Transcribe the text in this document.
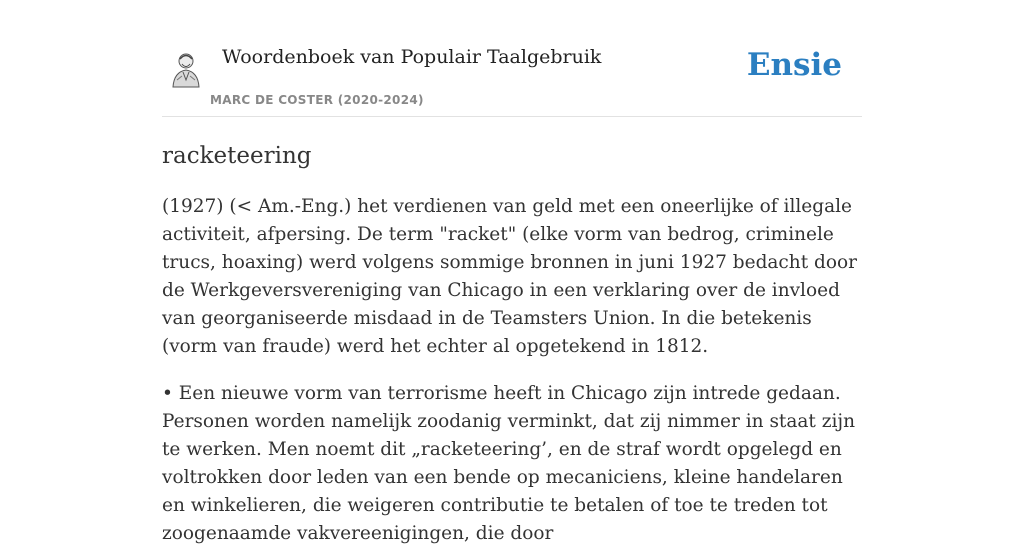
Woordenboek van Populair Taalgebruik
MARC DE COSTER (2020-2024)
Ensie
racketeering

(1927) (< Am.-Eng.) het verdienen van geld met een oneerlijke of illegale activiteit, afpersing. De term "racket" (elke vorm van bedrog, criminele trucs, hoaxing) werd volgens sommige bronnen in juni 1927 bedacht door de Werkgeversvereniging van Chicago in een verklaring over de invloed van georganiseerde misdaad in de Teamsters Union. In die betekenis (vorm van fraude) werd het echter al opgetekend in 1812.

• Een nieuwe vorm van terrorisme heeft in Chicago zijn intrede gedaan. Personen worden namelijk zoodanig verminkt, dat zij nimmer in staat zijn te werken. Men noemt dit „racketeering’, en de straf wordt opgelegd en voltrokken door leden van een bende op mecaniciens, kleine handelaren en winkelieren, die weigeren contributie te betalen of toe te treden tot zoogenaamde vakvereenigingen, die door
